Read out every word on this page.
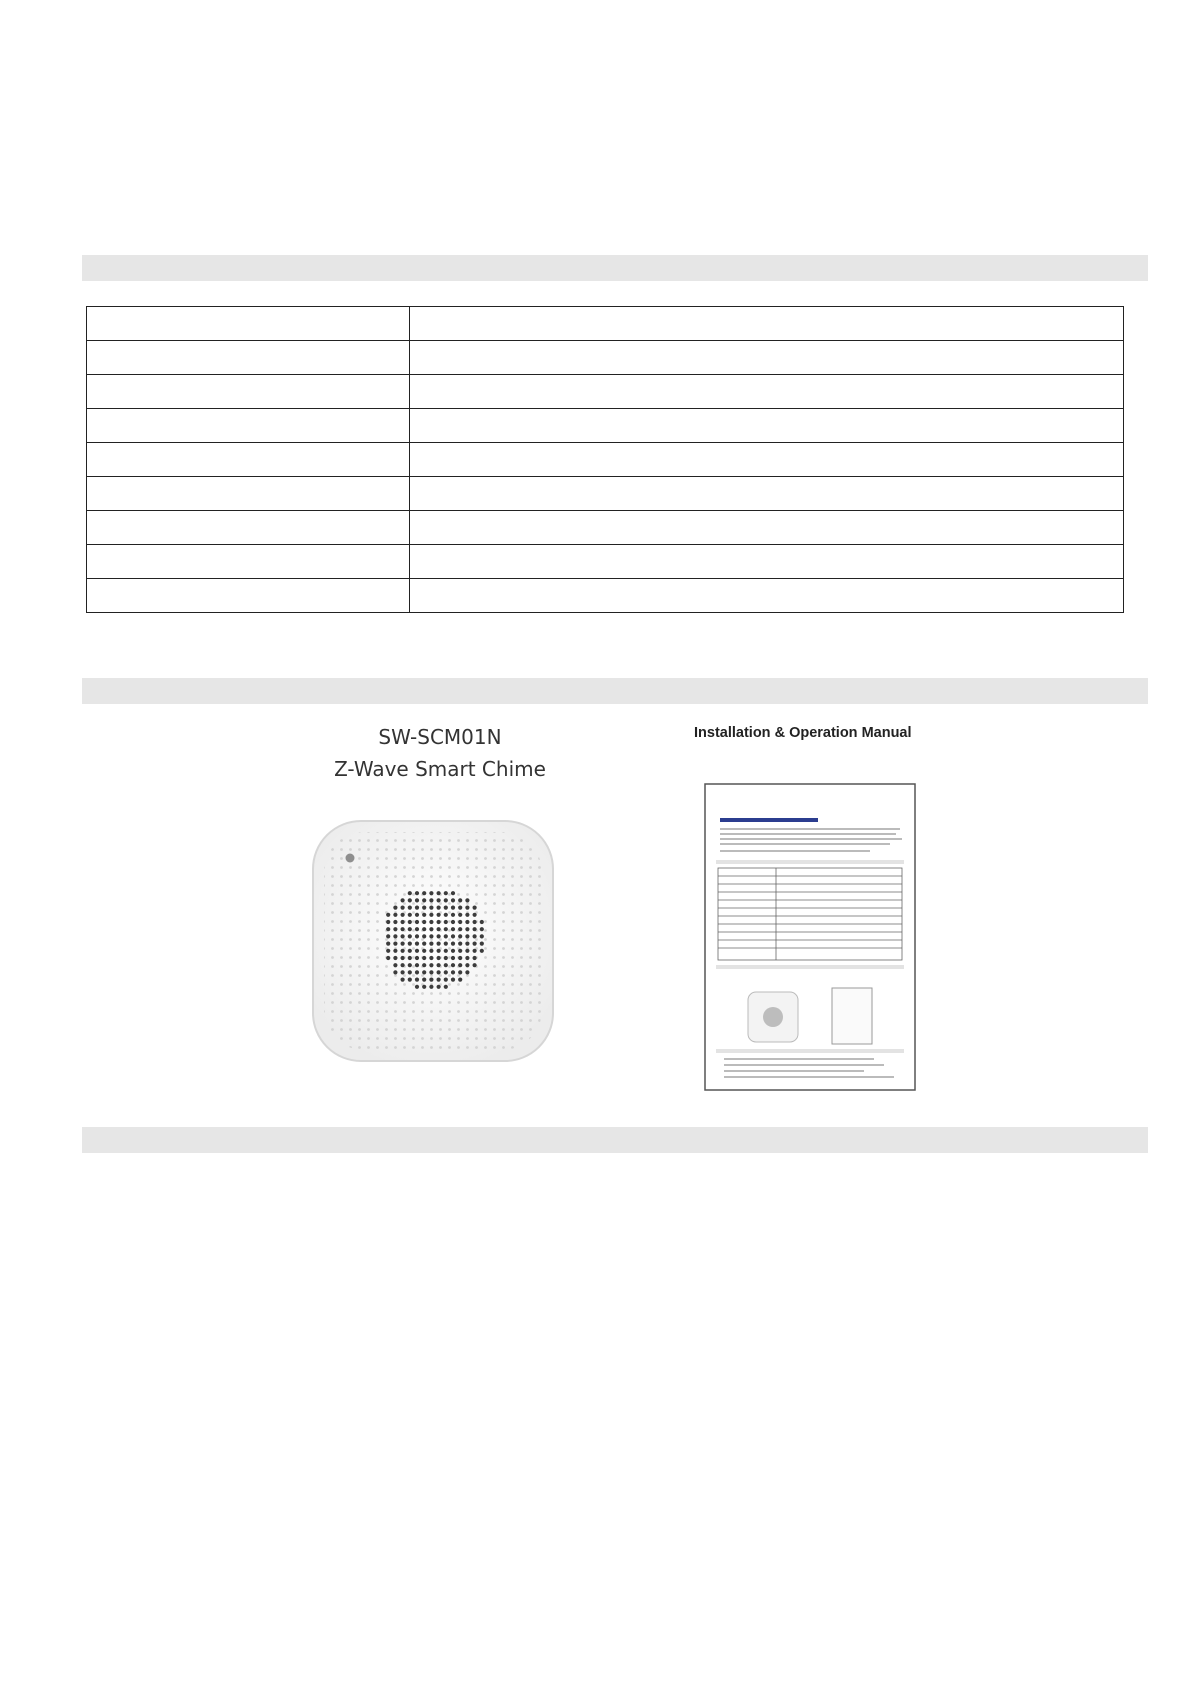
SW-SCM01N
Z-Wave Smart Chime
Installation & Operation Manual
